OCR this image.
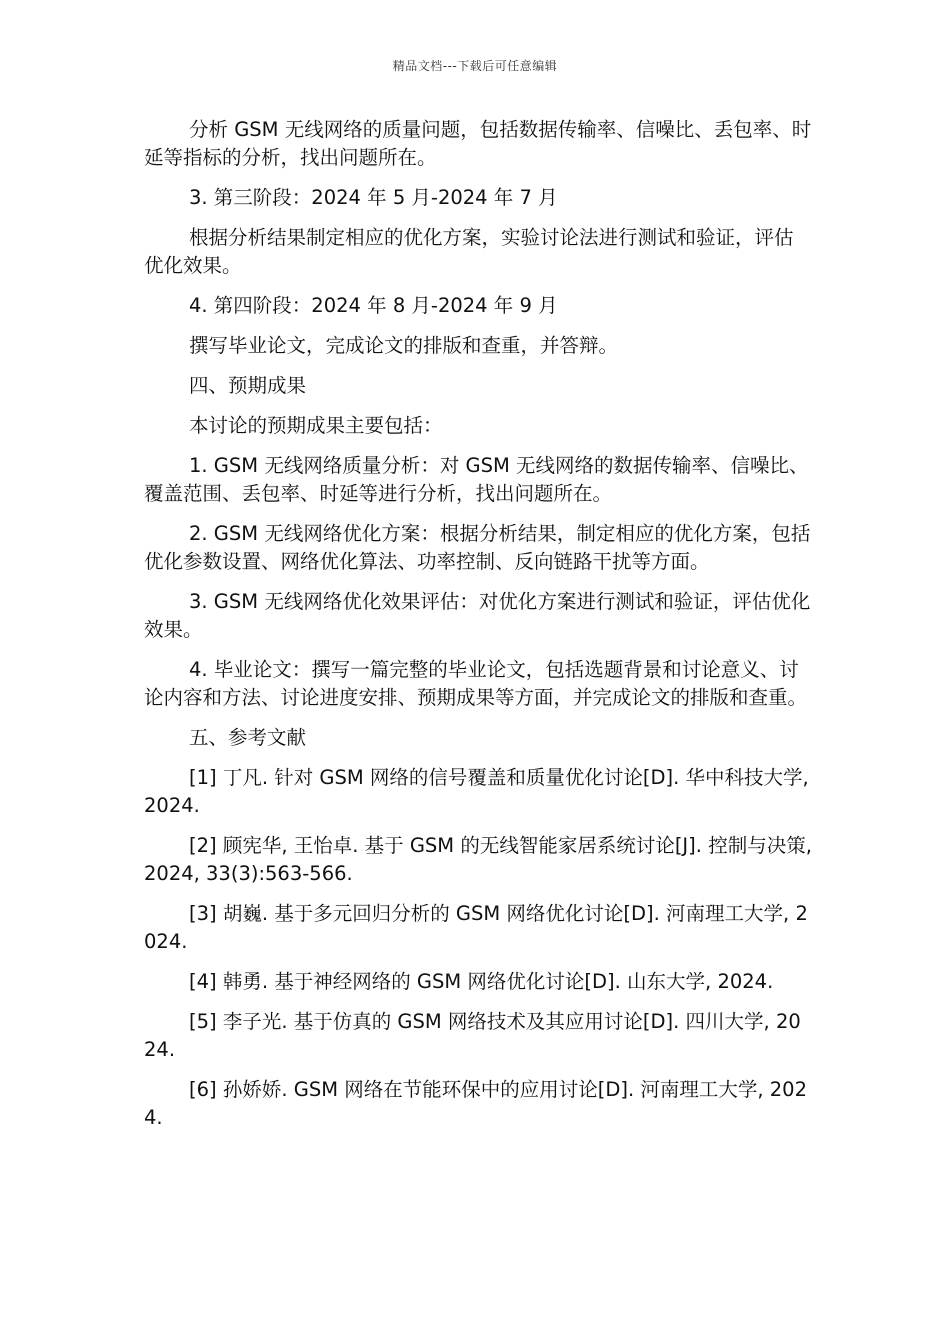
精品文档---下载后可任意编辑

分析 GSM 无线网络的质量问题，包括数据传输率、信噪比、丢包率、时延等指标的分析，找出问题所在。

3. 第三阶段：2024 年 5 月-2024 年 7 月

根据分析结果制定相应的优化方案，实验讨论法进行测试和验证，评估优化效果。

4. 第四阶段：2024 年 8 月-2024 年 9 月

撰写毕业论文，完成论文的排版和查重，并答辩。

四、预期成果

本讨论的预期成果主要包括：

1. GSM 无线网络质量分析：对 GSM 无线网络的数据传输率、信噪比、覆盖范围、丢包率、时延等进行分析，找出问题所在。

2. GSM 无线网络优化方案：根据分析结果，制定相应的优化方案，包括优化参数设置、网络优化算法、功率控制、反向链路干扰等方面。

3. GSM 无线网络优化效果评估：对优化方案进行测试和验证，评估优化效果。

4. 毕业论文：撰写一篇完整的毕业论文，包括选题背景和讨论意义、讨论内容和方法、讨论进度安排、预期成果等方面，并完成论文的排版和查重。

五、参考文献

[1] 丁凡. 针对 GSM 网络的信号覆盖和质量优化讨论[D]. 华中科技大学, 2024.

[2] 顾宪华, 王怡卓. 基于 GSM 的无线智能家居系统讨论[J]. 控制与决策, 2024, 33(3):563-566.

[3] 胡巍. 基于多元回归分析的 GSM 网络优化讨论[D]. 河南理工大学, 2024.

[4] 韩勇. 基于神经网络的 GSM 网络优化讨论[D]. 山东大学, 2024.

[5] 李子光. 基于仿真的 GSM 网络技术及其应用讨论[D]. 四川大学, 2024.

[6] 孙娇娇. GSM 网络在节能环保中的应用讨论[D]. 河南理工大学, 2024.
